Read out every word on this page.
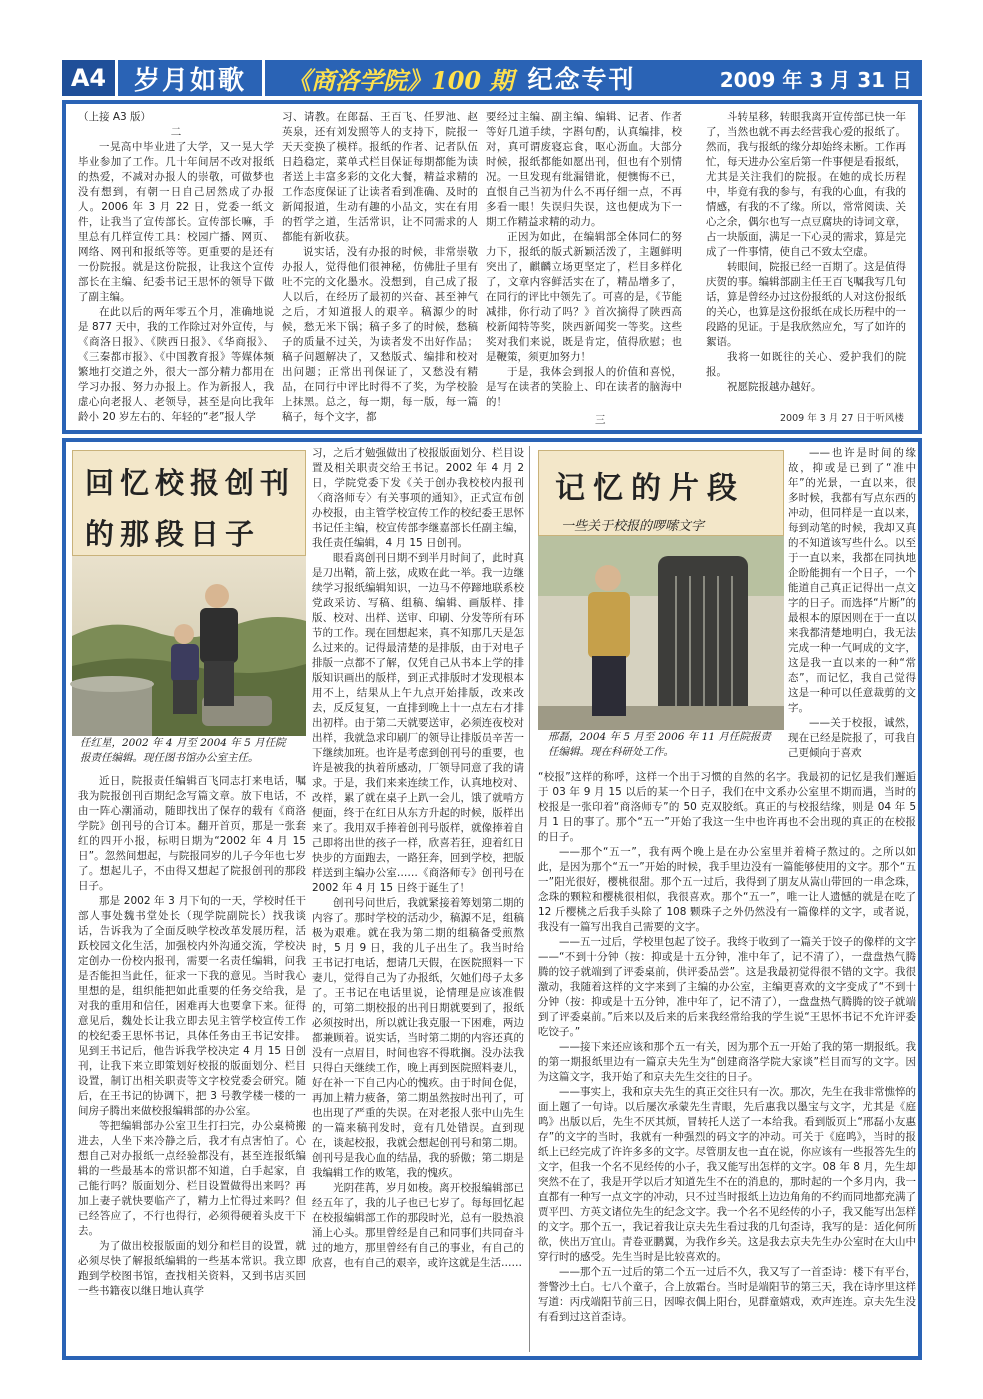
A4	岁月如歌	《商洛学院》100 期 纪念专刊	2009 年 3 月 31 日
（上接 A3 版）
二

一晃高中毕业进了大学，又一晃大学毕业参加了工作。几十年间居不改对报纸的热爱，不减对办报人的崇敬，可做梦也没有想到，有朝一日自己居然成了办报人。2006 年 3 月 22 日，党委一纸文件，让我当了宣传部长。宣传部长嘛，手里总有几样宣传工具：校园广播、网页、网络、网刊和报纸等等。更重要的是还有一份院报。就是这份院报，让我这个宣传部长在主编、纪委书记王思怀的领导下做了副主编。

在此以后的两年零五个月，准确地说是 877 天中，我的工作除过对外宣传，与《商洛日报》、《陕西日报》、《华商报》、《三秦都市报》、《中国教育报》等媒体频繁地打交道之外，很大一部分精力都用在学习办报、努力办报上。作为新报人，我虚心向老报人、老领导，甚至是向比我年龄小 20 岁左右的、年轻的“老”报人学

习、请教。在郎磊、王百飞、任罗池、赵英泉，还有刘发照等人的支持下，院报一天天变换了模样。报纸的作者、记者队伍日趋稳定，菜单式栏目保证每期都能为读者送上丰富多彩的文化大餐，精益求精的工作态度保证了让读者看到准确、及时的新闻报道，生动有趣的小品文，实在有用的哲学之道，生活常识，让不同需求的人都能有新收获。

说实话，没有办报的时候，非常崇敬办报人，觉得他们很神秘，仿佛肚子里有吐不完的文化墨水。没想到，自己成了报人以后，在经历了最初的兴奋、甚至神气之后，才知道报人的艰辛。稿源少的时候，愁无米下锅；稿子多了的时候，愁稿子的质量不过关，为读者发不出好作品；稿子问题解决了，又愁版式、编排和校对出问题；正常出刊保证了，又愁没有精品，在同行中评比时得不了奖，为学校脸上抹黑。总之，每一期，每一版，每一篇稿子，每个文字，都

要经过主编、副主编、编辑、记者、作者等好几道手续，字斟句酌，认真编排，校对，真可谓废寝忘食，呕心沥血。大部分时候，报纸都能如愿出刊，但也有个别情况。一旦发现有纰漏错讹，便懊悔不已，直恨自己当初为什么不再仔细一点，不再多看一眼！失误归失误，这也便成为下一期工作精益求精的动力。

正因为如此，在编辑部全体同仁的努力下，报纸的版式新颖活泼了，主题鲜明突出了，麒麟立场更坚定了，栏目多样化了，文章内容鲜活实在了，精品增多了，在同行的评比中领先了。可喜的是，《节能减排，你行动了吗？》首次摘得了陕西高校新闻特等奖，陕西新闻奖一等奖。这些奖对我们来说，既是肯定，值得欣慰；也是鞭策，须更加努力！

于是，我体会到报人的价值和喜悦，是写在读者的笑脸上、印在读者的脑海中的！

斗转星移，转眼我离开宣传部已快一年了，当然也就不再去经营我心爱的报纸了。然而，我与报纸的缘分却始终未断。工作再忙，每天进办公室后第一件事便是看报纸，尤其是关注我们的院报。在她的成长历程中，毕竟有我的参与，有我的心血，有我的情感，有我的不了缘。所以，常常阅读、关心之余，偶尔也写一点豆腐块的诗词文章，占一块版面，满足一下心灵的需求，算是完成了一件事情，使自己不致太空虚。

转眼间，院报已经一百期了。这是值得庆贺的事。编辑部副主任王百飞嘱我写几句话，算是曾经办过这份报纸的人对这份报纸的关心，也算是这份报纸在成长历程中的一段路的见证。于是我欣然应允，写了如许的絮语。

我将一如既往的关心、爱护我们的院报。

祝愿院报越办越好。

三	2009 年 3 月 27 日于听风楼
回忆校报创刊
的那段日子
任红星，2002 年 4 月至 2004 年 5 月任院报责任编辑。现任图书馆办公室主任。

习，之后才勉强做出了校报版面划分、栏目设置及相关职责交给王书记。2002 年 4 月 2 日，学院党委下发《关于创办我校校内报刊〈商洛师专〉有关事项的通知》，正式宣布创办校报，由主管学校宣传工作的校纪委王思怀书记任主编，校宣传部李继嘉部长任副主编，我任责任编辑，4 月 15 日创刊。

眼看离创刊日期不到半月时间了，此时真是刀出鞘，箭上弦，成败在此一举。我一边继续学习报纸编辑知识，一边马不停蹄地联系校党政采访、写稿、组稿、编辑、画版样、排版、校对、出样、送审、印刷、分发等所有环节的工作。现在回想起来，真不知那几天是怎么过来的。记得最清楚的是排版，由于对电子排版一点都不了解，仅凭自己从书本上学的排版知识画出的版样，到正式排版时才发现根本用不上，结果从上午九点开始排版，改来改去，反反复复，一直排到晚上十一点左右才排出初样。由于第二天就要送审，必须连夜校对出样，我就急求印刷厂的领导让排版员辛苦一下继续加班。也许是考虑到创刊号的重要，也许是被我的执着所感动，厂领导同意了我的请求。于是，我们来来连续工作，认真地校对、改样，累了就在桌子上趴一会儿，饿了就啃方便面，终于在红日从东方升起的时候，版样出来了。我用双手捧着创刊号版样，就像捧着自己即将出世的孩子一样，欣喜若狂，迎着红日快步的方面跑去，一路狂奔，回到学校，把版样送到主编办公室……《商洛师专》创刊号在 2002 年 4 月 15 日终于诞生了！

创刊号问世后，我就紧接着筹划第二期的内容了。那时学校的活动少，稿源不足，组稿极为艰难。就在我为第二期的组稿备受煎熬时，5 月 9 日，我的儿子出生了。我当时给王书记打电话，想请几天假，在医院照料一下妻儿，觉得自己为了办报纸，欠她们母子太多了。王书记在电话里说，论情理是应该准假的，可第二期校报的出刊日期就要到了，报纸必须按时出，所以就让我克服一下困难，两边都兼顾着。说实话，当时第二期的内容还真的没有一点眉目，时间也容不得耽搁。没办法我只得白天继续工作，晚上再到医院照料妻儿，好在补一下自己内心的愧疚。由于时间仓促，再加上精力疲备，第二期虽然按时出刊了，可也出现了严重的失误。在对老报人张中山先生的一篇来稿刊发时，竟有几处错误。直到现在，谈起校报，我就会想起创刊号和第二期。创刊号是我心血的结晶，我的骄傲；第二期是我编辑工作的败笔，我的愧疚。

光阴荏苒，岁月如梭。离开校报编辑部已经五年了，我的儿子也已七岁了。每每回忆起在校报编辑部工作的那段时光，总有一股热浪涌上心头。那里曾经是自己和同事们共同奋斗过的地方，那里曾经有自己的事业，有自己的欣喜，也有自己的艰辛，或许这就是生活……

近日，院报责任编辑百飞同志打来电话，嘱我为院报创刊百期纪念写篇文章。放下电话，不由一阵心潮涌动，随即找出了保存的载有《商洛学院》创刊号的合订本。翻开首页，那是一张套红的四开小报，标明日期为“2002 年 4 月 15 日”。忽然间想起，与院报同岁的儿子今年也七岁了。想起儿子，不由得又想起了院报创刊的那段日子。

那是 2002 年 3 月下旬的一天，学校时任干部人事处魏书堂处长（现学院副院长）找我谈话，告诉我为了全面反映学校改革发展历程，活跃校园文化生活，加强校内外沟通交流，学校决定创办一份校内报刊，需要一名责任编辑，问我是否能担当此任，征求一下我的意见。当时我心里想的是，组织能把如此重要的任务交给我，是对我的重用和信任，困难再大也要拿下来。征得意见后，魏处长让我立即去见主管学校宣传工作的校纪委王思怀书记，具体任务由王书记安排。见到王书记后，他告诉我学校决定 4 月 15 日创刊，让我下来立即策划好校报的版面划分、栏目设置，制订出相关职责等文字校党委会研究。随后，在王书记的协调下，把 3 号教学楼一楼的一间房子腾出来做校报编辑部的办公室。

等把编辑部办公室卫生打扫完，办公桌椅搬进去，人坐下来冷静之后，我才有点害怕了。心想自己对办报纸一点经验都没有，甚至连报纸编辑的一些最基本的常识都不知道，白手起家，自己能行吗？版面划分、栏目设置做得出来吗？再加上妻子就快要临产了，精力上忙得过来吗？但已经答应了，不行也得行，必须得硬着头皮干下去。

为了做出校报版面的划分和栏目的设置，就必须尽快了解报纸编辑的一些基本常识。我立即跑到学校图书馆，查找相关资料，又到书店买回一些书籍夜以继日地认真学

记忆的片段
一些关于校报的啰嗦文字
邢磊，2004 年 5 月至 2006 年 11 月任院报责任编辑。现在科研处工作。

——也许是时间的缘故，抑或是已到了“准中年”的光景，一直以来，很多时候，我都有写点东西的冲动，但同样是一直以来，每到动笔的时候，我却又真的不知道该写些什么。以至于一直以来，我都在同执地企盼能拥有一个日子，一个能道自己真正记得出一点文字的日子。而选择“片断”的最根本的原因则在于一直以来我都清楚地明白，我无法完成一种一气呵成的文字，这是我一直以来的一种“常态”，而记忆，我自己觉得这是一种可以任意裁剪的文字。

——关于校报，诚然，现在已经是院报了，可我自己更倾向于喜欢

“校报”这样的称呼，这样一个出于习惯的自然的名字。我最初的记忆是我们邂逅于 03 年 9 月 15 以后的某一个日子，我们在中文系办公室里不期而遇，当时的校报是一张印着“商洛师专”的 50 克双胶纸。真正的与校报结缘，则是 04 年 5 月 1 日的事了。那个“五一”开始了我这一生中也许再也不会出现的真正的在校报的日子。

——那个“五一”，我有两个晚上是在办公室里并着椅子熬过的。之所以如此，是因为那个“五一”开始的时候，我手里边没有一篇能够使用的文字。那个“五一”阳光很好，樱桃很甜。那个五一过后，我得到了朋友从嵩山带回的一串念珠，念珠的颗粒和樱桃很相似，我很喜欢。那个“五一”，唯一让人遗憾的就是在吃了 12 斤樱桃之后我手头除了 108 颗珠子之外仍然没有一篇像样的文字，或者说，我没有一篇写出我自己需要的文字。

——五一过后，学校里包起了饺子。我终于收到了一篇关于饺子的像样的文字——“不到十分钟（按：抑或是十五分钟，准中年了，记不清了），一盘盘热气腾腾的饺子就端到了评委桌前，供评委品尝”。这是我最初觉得很不错的文字。我很激动，我随着这样的文字来到了主编的办公室，主编更喜欢的文字变成了“不到十分钟（按：抑或是十五分钟，准中年了，记不清了），一盘盘热气腾腾的饺子就端到了评委桌前。”后来以及后来的后来我经常给我的学生说“王思怀书记不允许评委吃饺子。”

——接下来还应该和那个五一有关，因为那个五一开始了我的第一期报纸。我的第一期报纸里边有一篇京夫先生为“创建商洛学院大家谈”栏目而写的文字。因为这篇文字，我开始了和京夫先生交往的日子。

——事实上，我和京夫先生的真正交往只有一次。那次，先生在我非常憔悴的面上题了一句诗。以后屡次承蒙先生青眼，先后惠我以墨宝与文字，尤其是《庭鸣》出版以后，先生不厌其烦，冒转托人送了一本给我。看到版页上“邢磊小友惠存”的文字的当时，我就有一种强烈的码文字的冲动。可关于《庭鸣》，当时的报纸上已经完成了许许多多的文字。尽管朋友也一直在说，你应该有一些报答先生的文字，但我一个名不见经传的小子，我又能写出怎样的文字。08 年 8 月，先生却突然不在了，我是开学以后才知道先生不在的消息的，那时起的一个多月内，我一直都有一种写一点文字的冲动，只不过当时报纸上边边角角的不约而同地都充满了贾平凹、方英文诸位先生的纪念文字。我一个名不见经传的小子，我又能写出怎样的文字。那个五一，我记着我让京夫先生看过我的几句歪诗，我写的是：适化何所欲，侠出万宜山。青卷亚鹏翼，为我作乡关。这是我去京夫先生办公室时在大山中穿行时的感受。先生当时是比较喜欢的。

——那个五一过后的第二个五一过后不久，我又写了一首歪诗：楼下有平台，誉警沙土白。七八个童子，合上放霜台。当时是端阳节的第三天，我在诗序里这样写道：丙戌端阳节前三日，因嗥衣偶上阳台，见群童嬉戏，欢声连连。京夫先生没有看到过这首歪诗。
